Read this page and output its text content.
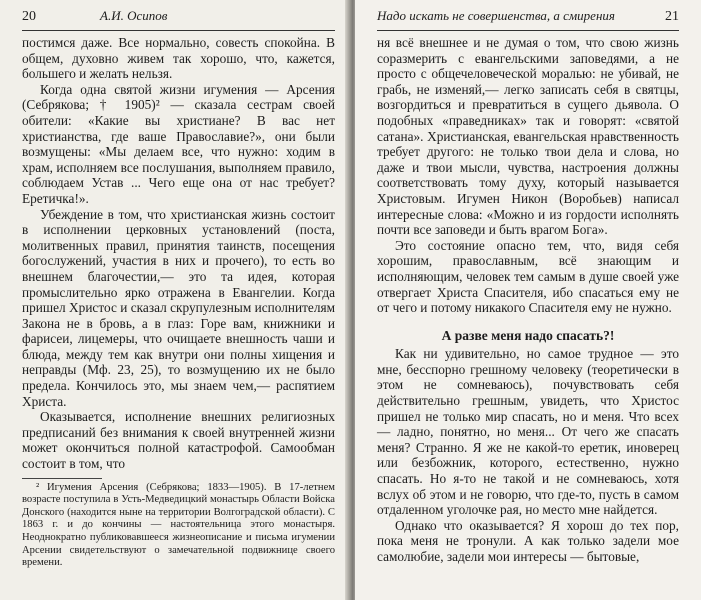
20	А.И. Осипов

постимся даже. Все нормально, совесть спокойна. В общем, духовно живем так хорошо, что, кажется, большего и желать нельзя.

Когда одна святой жизни игумения — Арсения (Себрякова; † 1905)² — сказала сестрам своей обители: «Какие вы христиане? В вас нет христианства, где ваше Православие?», они были возмущены: «Мы делаем все, что нужно: ходим в храм, исполняем все послушания, выполняем правило, соблюдаем Устав ... Чего еще она от нас требует? Еретичка!».

Убеждение в том, что христианская жизнь состоит в исполнении церковных установлений (поста, молитвенных правил, принятия таинств, посещения богослужений, участия в них и прочего), то есть во внешнем благочестии,— это та идея, которая промыслительно ярко отражена в Евангелии. Когда пришел Христос и сказал скрупулезным исполнителям Закона не в бровь, а в глаз: Горе вам, книжники и фарисеи, лицемеры, что очищаете внешность чаши и блюда, между тем как внутри они полны хищения и неправды (Мф. 23, 25), то возмущению их не было предела. Кончилось это, мы знаем чем,— распятием Христа.

Оказывается, исполнение внешних религиозных предписаний без внимания к своей внутренней жизни может окончиться полной катастрофой. Самообман состоит в том, что

² Игумения Арсения (Себрякова; 1833—1905). В 17-летнем возрасте поступила в Усть-Медведицкий монастырь Области Войска Донского (находится ныне на территории Волгоградской области). С 1863 г. и до кончины — настоятельница этого монастыря. Неоднократно публиковавшееся жизнеописание и письма игумении Арсении свидетельствуют о замечательной подвижнице своего времени.

Надо искать не совершенства, а смирения	21

ня всё внешнее и не думая о том, что свою жизнь соразмерить с евангельскими заповедями, а не просто с общечеловеческой моралью: не убивай, не грабь, не изменяй,— легко записать себя в святцы, возгордиться и превратиться в сущего дьявола. О подобных «праведниках» так и говорят: «святой сатана». Христианская, евангельская нравственность требует другого: не только твои дела и слова, но даже и твои мысли, чувства, настроения должны соответствовать тому духу, который называется Христовым. Игумен Никон (Воробьев) написал интересные слова: «Можно и из гордости исполнять почти все заповеди и быть врагом Бога».

Это состояние опасно тем, что, видя себя хорошим, православным, всё знающим и исполняющим, человек тем самым в душе своей уже отвергает Христа Спасителя, ибо спасаться ему не от чего и потому никакого Спасителя ему не нужно.

А разве меня надо спасать?!

Как ни удивительно, но самое трудное — это мне, бесспорно грешному человеку (теоретически в этом не сомневаюсь), почувствовать себя действительно грешным, увидеть, что Христос пришел не только мир спасать, но и меня. Что всех — ладно, понятно, но меня... От чего же спасать меня? Странно. Я же не какой-то еретик, иноверец или безбожник, которого, естественно, нужно спасать. Но я-то не такой и не сомневаюсь, хотя вслух об этом и не говорю, что где-то, пусть в самом отдаленном уголочке рая, но место мне найдется.

Однако что оказывается? Я хорош до тех пор, пока меня не тронули. А как только задели мое самолюбие, задели мои интересы — бытовые,
